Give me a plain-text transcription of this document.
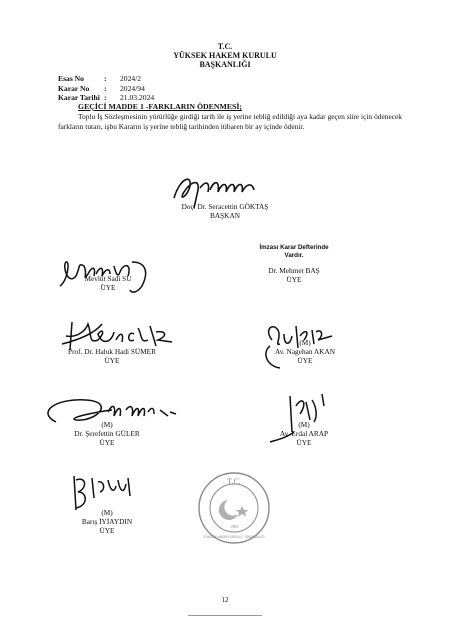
T.C.
YÜKSEK HAKEM KURULU
BAŞKANLIĞI
Esas No	: 2024/2
Karar No : 2024/94
Karar Tarihi : 21.03.2024
GEÇİCİ MADDE 1 -FARKLARIN ÖDENMESİ;
Toplu İş Sözleşmesinin yürürlüğe girdiği tarih ile iş yerine tebliğ edildiği aya kadar geçen süre için ödenecek farkların tutarı, işbu Kararın iş yerine tebliğ tarihinden itibaren bir ay içinde ödenir.
Doç. Dr. Seracettin GÖKTAŞ
BAŞKAN
İmzası Karar Defterinde
Vardır.
Dr. Mehmet BAŞ
ÜYE
Mevlüt Sadi SU
ÜYE
Prof. Dr. Haluk Hadi SÜMER
ÜYE
(M)
Av. Nagehan AKAN
ÜYE
(M)
Dr. Şerefettin GÜLER
ÜYE
(M)
Av. Erdal ARAP
ÜYE
(M)
Barış İYİAYDIN
ÜYE
T.C.
1983
YÜKSEK HAKEM KURULU · BAŞKANLIĞI
12
